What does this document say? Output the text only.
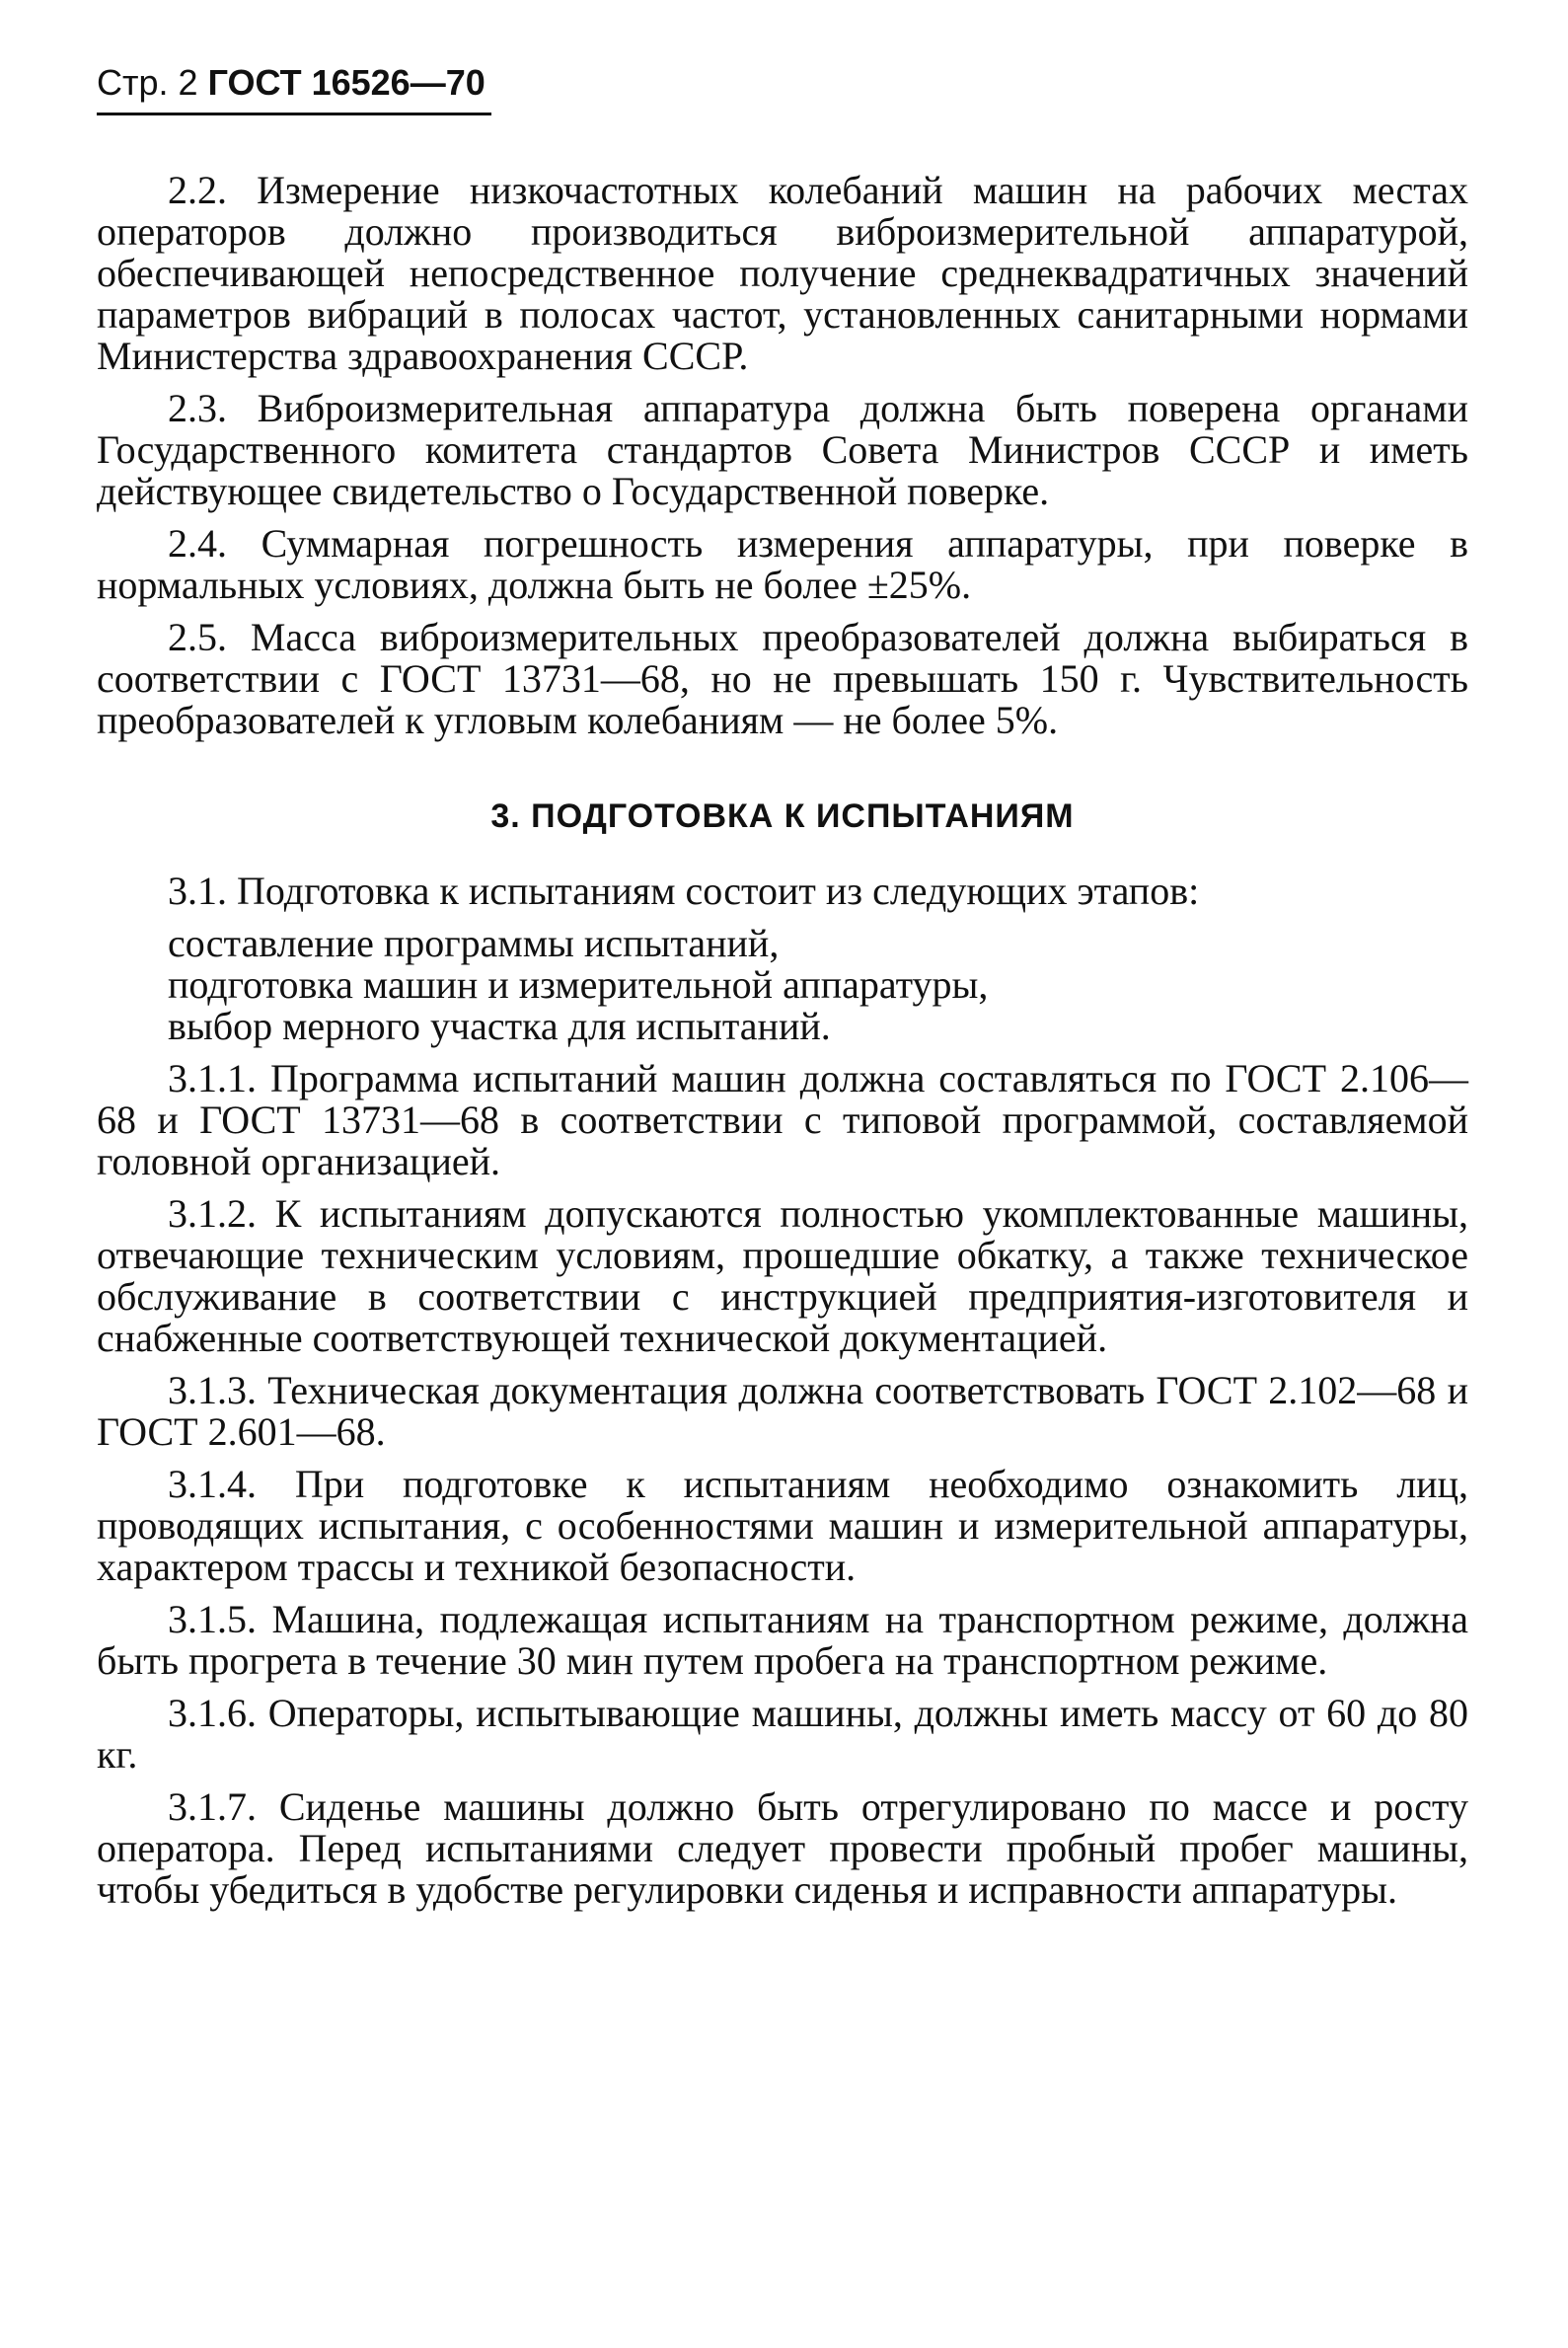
Стр. 2 ГОСТ 16526—70

2.2. Измерение низкочастотных колебаний машин на рабочих местах операторов должно производиться виброизмерительной аппаратурой, обеспечивающей непосредственное получение среднеквадратичных значений параметров вибраций в полосах частот, установленных санитарными нормами Министерства здравоохранения СССР.

2.3. Виброизмерительная аппаратура должна быть поверена органами Государственного комитета стандартов Совета Министров СССР и иметь действующее свидетельство о Государственной поверке.

2.4. Суммарная погрешность измерения аппаратуры, при поверке в нормальных условиях, должна быть не более ±25%.

2.5. Масса виброизмерительных преобразователей должна выбираться в соответствии с ГОСТ 13731—68, но не превышать 150 г. Чувствительность преобразователей к угловым колебаниям — не более 5%.

3. ПОДГОТОВКА К ИСПЫТАНИЯМ

3.1. Подготовка к испытаниям состоит из следующих этапов:

составление программы испытаний,

подготовка машин и измерительной аппаратуры,

выбор мерного участка для испытаний.

3.1.1. Программа испытаний машин должна составляться по ГОСТ 2.106—68 и ГОСТ 13731—68 в соответствии с типовой программой, составляемой головной организацией.

3.1.2. К испытаниям допускаются полностью укомплектованные машины, отвечающие техническим условиям, прошедшие обкатку, а также техническое обслуживание в соответствии с инструкцией предприятия-изготовителя и снабженные соответствующей технической документацией.

3.1.3. Техническая документация должна соответствовать ГОСТ 2.102—68 и ГОСТ 2.601—68.

3.1.4. При подготовке к испытаниям необходимо ознакомить лиц, проводящих испытания, с особенностями машин и измерительной аппаратуры, характером трассы и техникой безопасности.

3.1.5. Машина, подлежащая испытаниям на транспортном режиме, должна быть прогрета в течение 30 мин путем пробега на транспортном режиме.

3.1.6. Операторы, испытывающие машины, должны иметь массу от 60 до 80 кг.

3.1.7. Сиденье машины должно быть отрегулировано по массе и росту оператора. Перед испытаниями следует провести пробный пробег машины, чтобы убедиться в удобстве регулировки сиденья и исправности аппаратуры.
